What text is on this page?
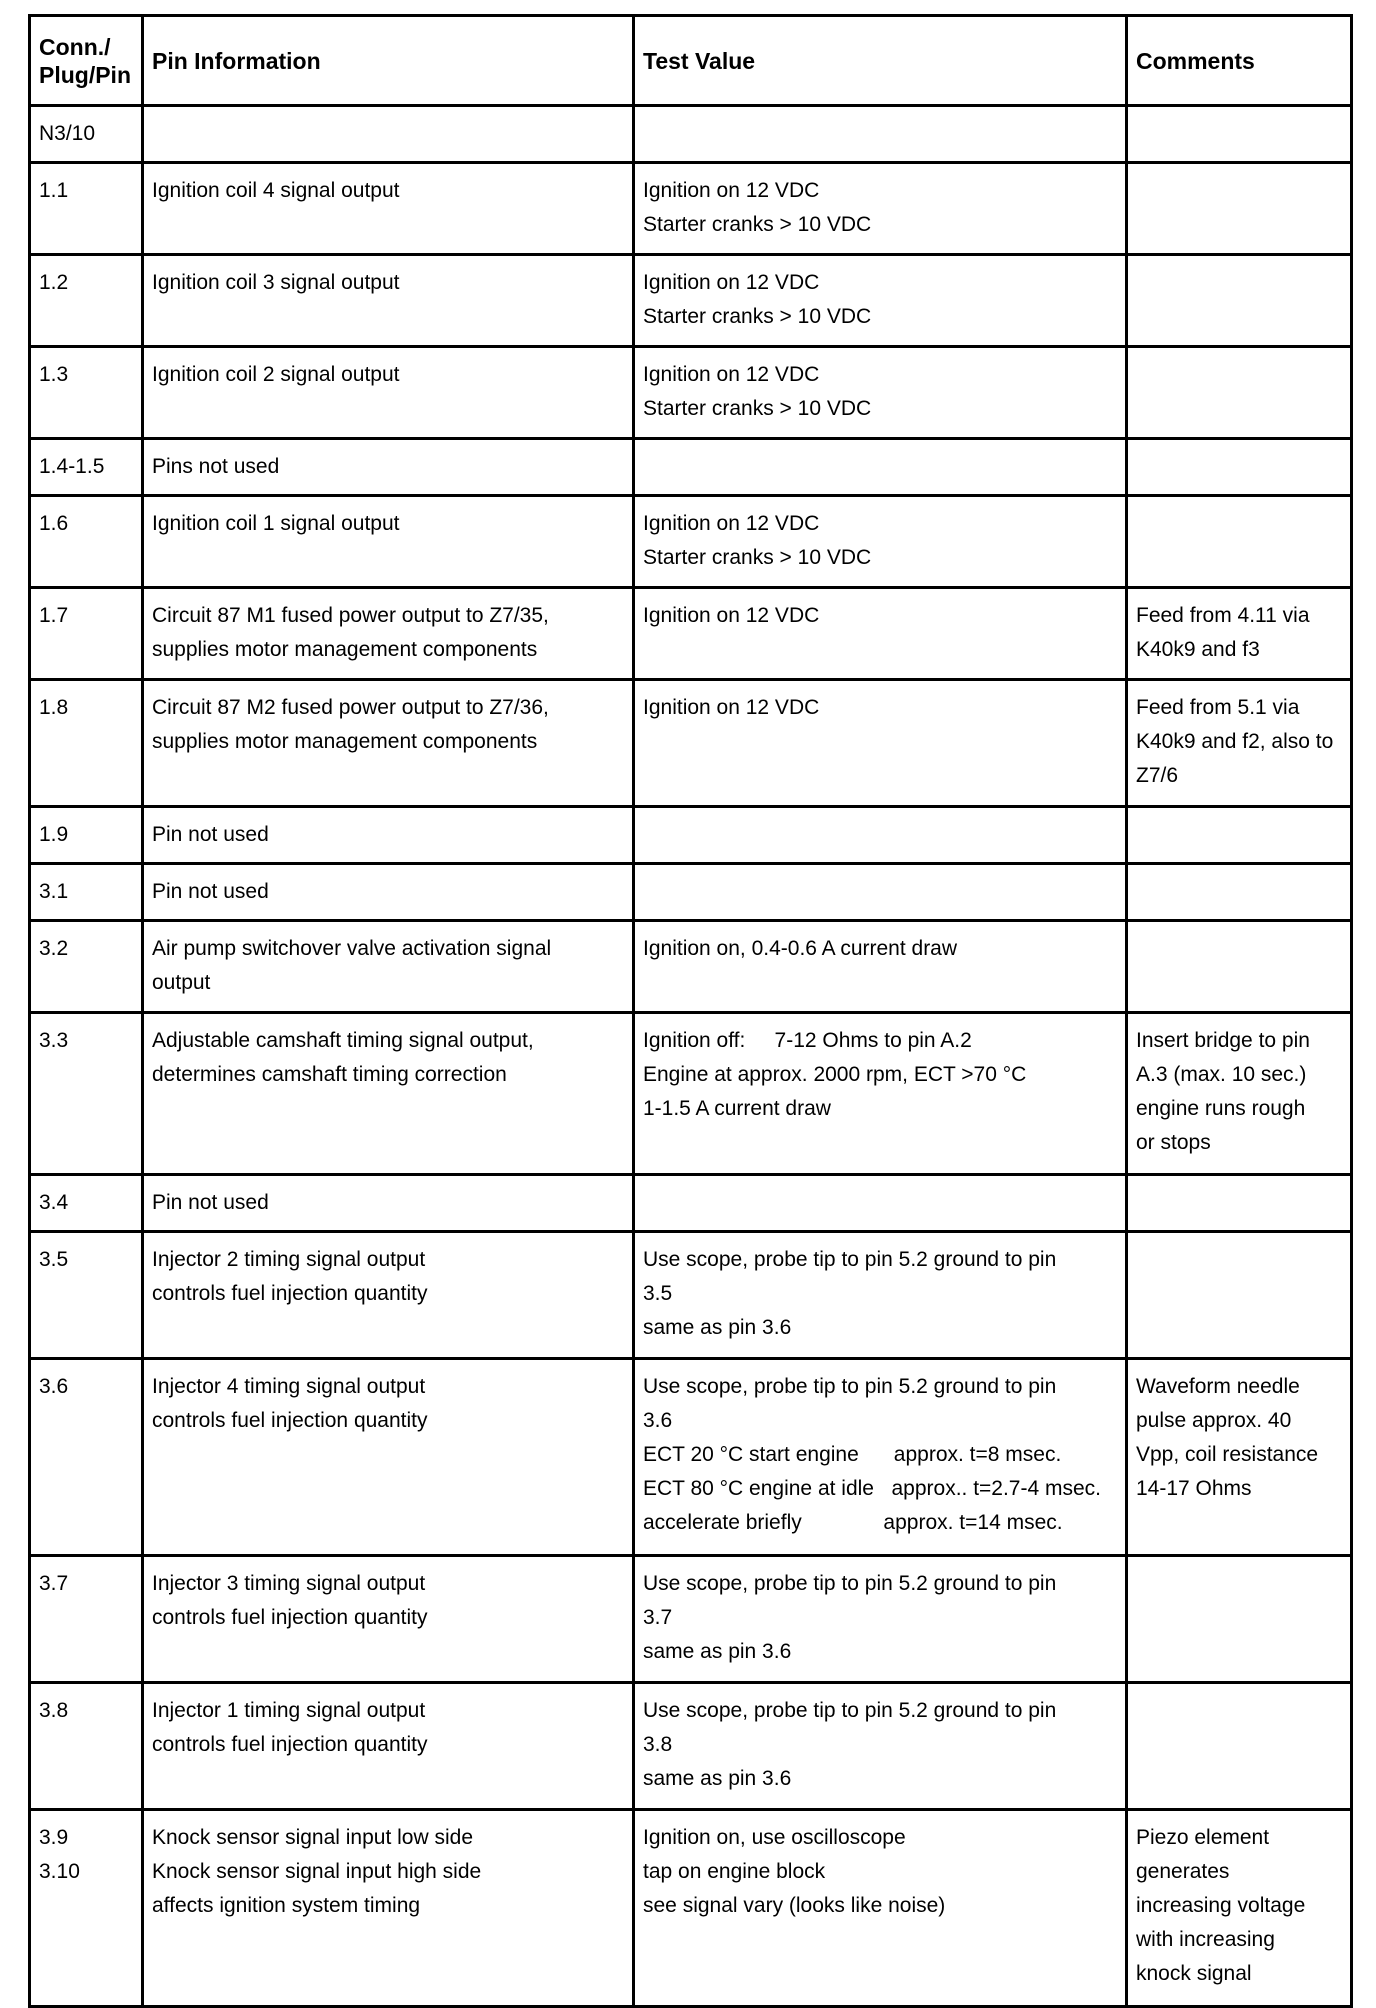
Conn./
Plug/Pin	Pin Information	Test Value	Comments

N3/10			

1.1	Ignition coil 4 signal output	Ignition on 12 VDC
Starter cranks > 10 VDC	

1.2	Ignition coil 3 signal output	Ignition on 12 VDC
Starter cranks > 10 VDC	

1.3	Ignition coil 2 signal output	Ignition on 12 VDC
Starter cranks > 10 VDC	

1.4-1.5	Pins not used		

1.6	Ignition coil 1 signal output	Ignition on 12 VDC
Starter cranks > 10 VDC	

1.7	Circuit 87 M1 fused power output to Z7/35,
supplies motor management components	Ignition on 12 VDC	Feed from 4.11 via
K40k9 and f3

1.8	Circuit 87 M2 fused power output to Z7/36,
supplies motor management components	Ignition on 12 VDC	Feed from 5.1 via
K40k9 and f2, also to
Z7/6

1.9	Pin not used		

3.1	Pin not used		

3.2	Air pump switchover valve activation signal
output	Ignition on, 0.4-0.6 A current draw	

3.3	Adjustable camshaft timing signal output,
determines camshaft timing correction	Ignition off:     7-12 Ohms to pin A.2
Engine at approx. 2000 rpm, ECT >70 °C
1-1.5 A current draw	Insert bridge to pin
A.3 (max. 10 sec.)
engine runs rough
or stops

3.4	Pin not used		

3.5	Injector 2 timing signal output
controls fuel injection quantity	Use scope, probe tip to pin 5.2 ground to pin
3.5
same as pin 3.6	

3.6	Injector 4 timing signal output
controls fuel injection quantity	Use scope, probe tip to pin 5.2 ground to pin
3.6
ECT 20 °C start engine      approx. t=8 msec.
ECT 80 °C engine at idle   approx.. t=2.7-4 msec.
accelerate briefly              approx. t=14 msec.	Waveform needle
pulse approx. 40
Vpp, coil resistance
14-17 Ohms

3.7	Injector 3 timing signal output
controls fuel injection quantity	Use scope, probe tip to pin 5.2 ground to pin
3.7
same as pin 3.6	

3.8	Injector 1 timing signal output
controls fuel injection quantity	Use scope, probe tip to pin 5.2 ground to pin
3.8
same as pin 3.6	

3.9
3.10	Knock sensor signal input low side
Knock sensor signal input high side
affects ignition system timing	Ignition on, use oscilloscope
tap on engine block
see signal vary (looks like noise)	Piezo element
generates
increasing voltage
with increasing
knock signal
